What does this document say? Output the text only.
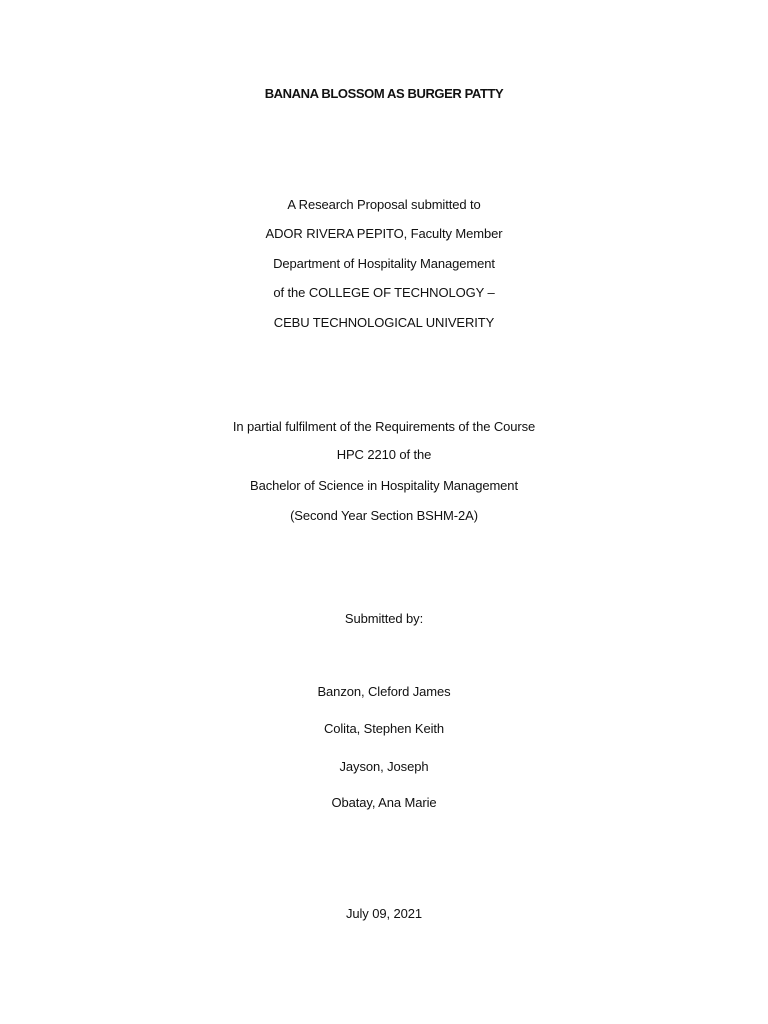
BANANA BLOSSOM AS BURGER PATTY
A Research Proposal submitted to
ADOR RIVERA PEPITO, Faculty Member
Department of Hospitality Management
of the COLLEGE OF TECHNOLOGY –
CEBU TECHNOLOGICAL UNIVERITY
In partial fulfilment of the Requirements of the Course
HPC 2210 of the
Bachelor of Science in Hospitality Management
(Second Year Section BSHM-2A)
Submitted by:
Banzon, Cleford James
Colita, Stephen Keith
Jayson, Joseph
Obatay, Ana Marie
July 09, 2021
